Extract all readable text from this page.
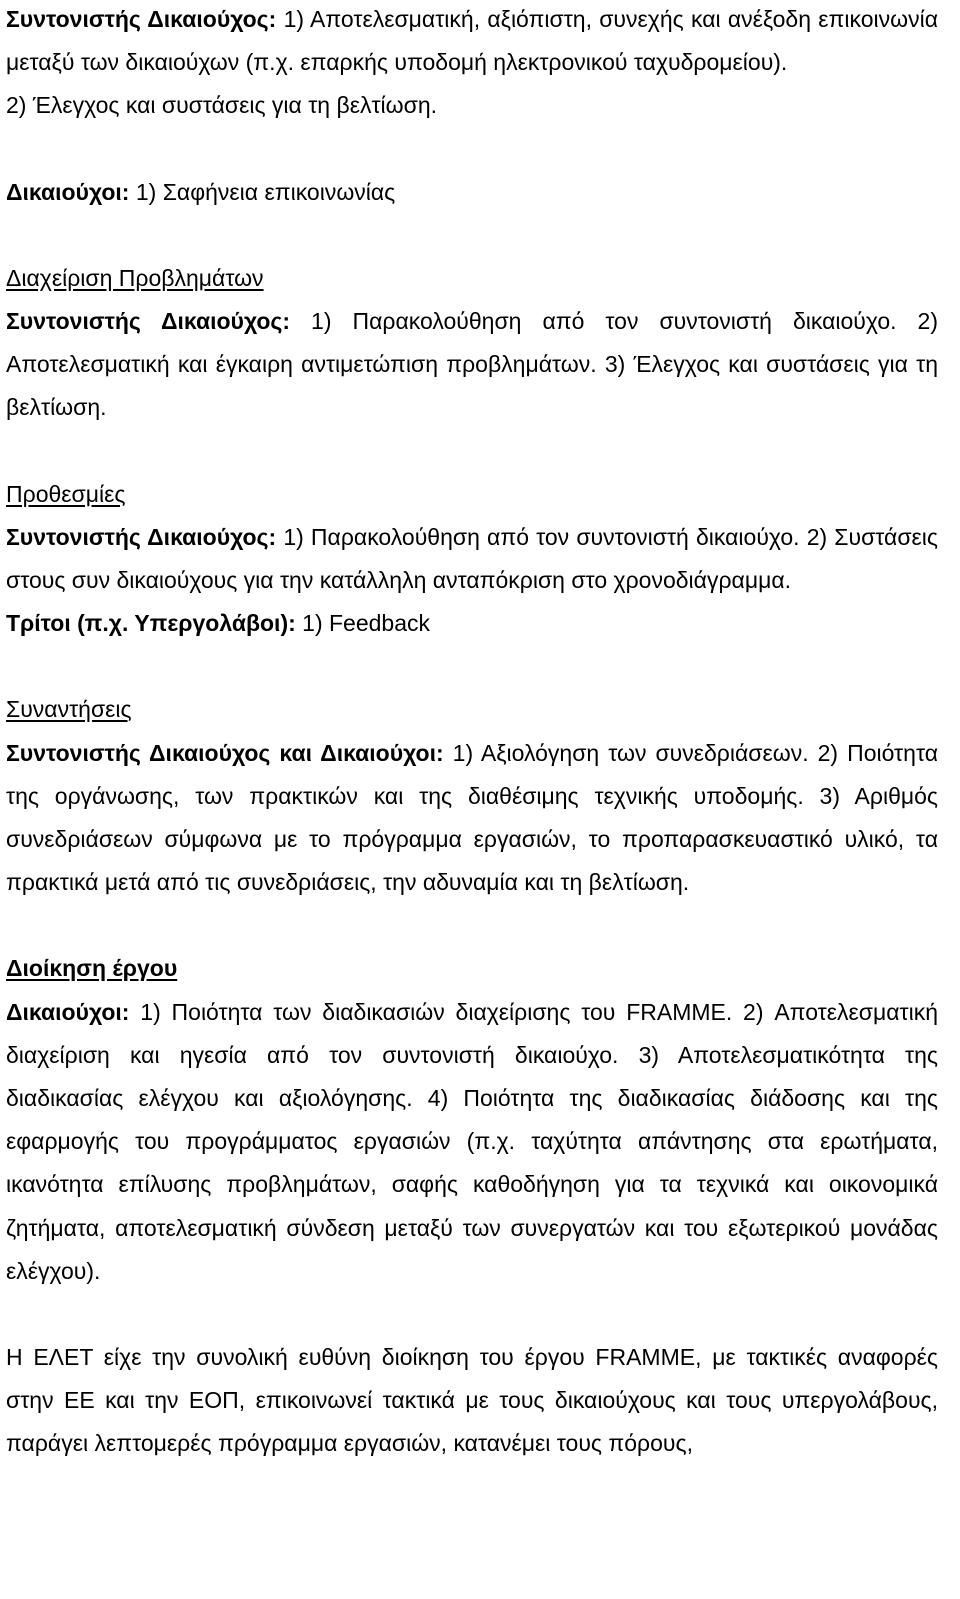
Συντονιστής Δικαιούχος: 1) Αποτελεσματική, αξιόπιστη, συνεχής και ανέξοδη επικοινωνία μεταξύ των δικαιούχων (π.χ. επαρκής υποδομή ηλεκτρονικού ταχυδρομείου).

2) Έλεγχος και συστάσεις για τη βελτίωση.

Δικαιούχοι: 1) Σαφήνεια επικοινωνίας

Διαχείριση Προβλημάτων

Συντονιστής Δικαιούχος: 1) Παρακολούθηση από τον συντονιστή δικαιούχο. 2) Αποτελεσματική και έγκαιρη αντιμετώπιση προβλημάτων. 3) Έλεγχος και συστάσεις για τη βελτίωση.

Προθεσμίες

Συντονιστής Δικαιούχος: 1) Παρακολούθηση από τον συντονιστή δικαιούχο. 2) Συστάσεις στους συν δικαιούχους για την κατάλληλη ανταπόκριση στο χρονοδιάγραμμα.

Τρίτοι (π.χ. Υπεργολάβοι): 1) Feedback

Συναντήσεις

Συντονιστής Δικαιούχος και Δικαιούχοι: 1) Αξιολόγηση των συνεδριάσεων. 2) Ποιότητα της οργάνωσης, των πρακτικών και της διαθέσιμης τεχνικής υποδομής. 3) Αριθμός συνεδριάσεων σύμφωνα με το πρόγραμμα εργασιών, το προπαρασκευαστικό υλικό, τα πρακτικά μετά από τις συνεδριάσεις, την αδυναμία και τη βελτίωση.

Διοίκηση έργου

Δικαιούχοι: 1) Ποιότητα των διαδικασιών διαχείρισης του FRAMME. 2) Αποτελεσματική διαχείριση και ηγεσία από τον συντονιστή δικαιούχο. 3) Αποτελεσματικότητα της διαδικασίας ελέγχου και αξιολόγησης. 4) Ποιότητα της διαδικασίας διάδοσης και της εφαρμογής του προγράμματος εργασιών (π.χ. ταχύτητα απάντησης στα ερωτήματα, ικανότητα επίλυσης προβλημάτων, σαφής καθοδήγηση για τα τεχνικά και οικονομικά ζητήματα, αποτελεσματική σύνδεση μεταξύ των συνεργατών και του εξωτερικού μονάδας ελέγχου).

Η ΕΛΕΤ είχε την συνολική ευθύνη διοίκηση του έργου FRAMME, με τακτικές αναφορές στην ΕΕ και την ΕΟΠ, επικοινωνεί τακτικά με τους δικαιούχους και τους υπεργολάβους, παράγει λεπτομερές πρόγραμμα εργασιών, κατανέμει τους πόρους,
